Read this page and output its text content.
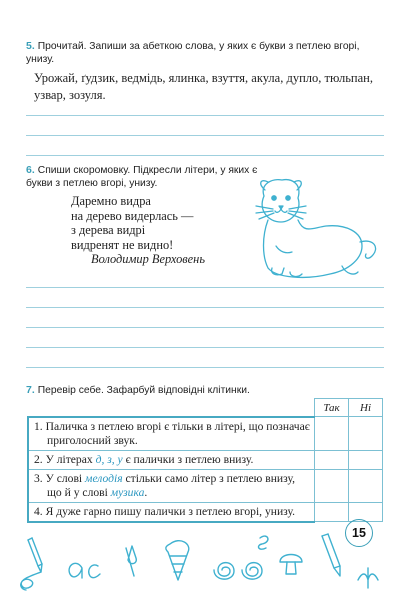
5. Прочитай. Запиши за абеткою слова, у яких є букви з петлею вгорі, унизу.

Урожай, ґудзик, ведмідь, ялинка, взуття, акула, дупло, тюльпан, узвар, зозуля.

6. Спиши скоромовку. Підкресли літери, у яких є букви з петлею вгорі, унизу.
Даремно видра
на дерево видерлась —
з дерева видрі
видренят не видно!
Володимир Верховень
7. Перевір себе. Зафарбуй відповідні клітинки.
	Так	Ні
1. Паличка з петлею вгорі є тільки в літері, що позначає приголосний звук.		
2. У літерах д, з, у є палички з петлею внизу.		
3. У слові мелодія стільки само літер з петлею внизу, що й у слові музика.		
4. Я дуже гарно пишу палички з петлею вгорі, унизу.		
15
